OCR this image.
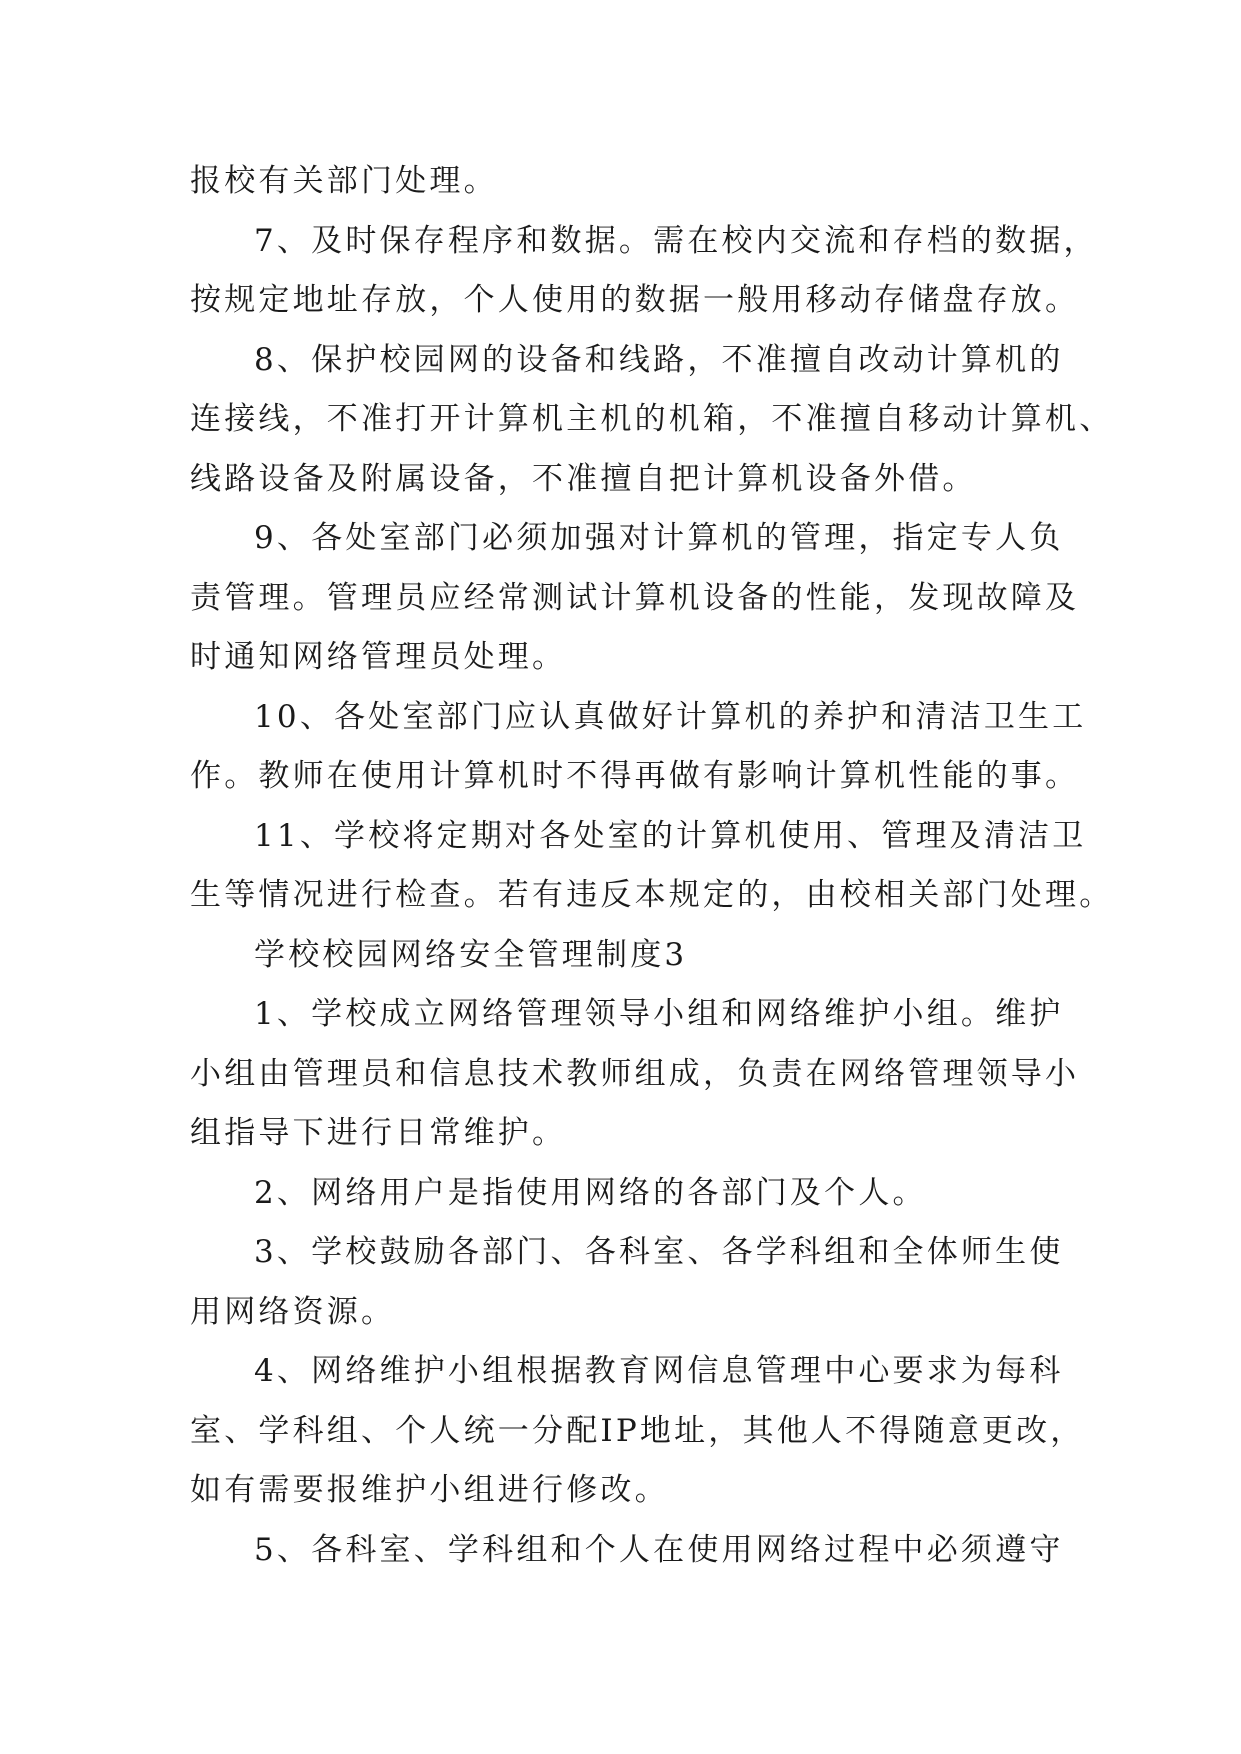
报校有关部门处理。
7、及时保存程序和数据。需在校内交流和存档的数据，
按规定地址存放，个人使用的数据一般用移动存储盘存放。
8、保护校园网的设备和线路，不准擅自改动计算机的
连接线，不准打开计算机主机的机箱，不准擅自移动计算机、
线路设备及附属设备，不准擅自把计算机设备外借。
9、各处室部门必须加强对计算机的管理，指定专人负
责管理。管理员应经常测试计算机设备的性能，发现故障及
时通知网络管理员处理。
10、各处室部门应认真做好计算机的养护和清洁卫生工
作。教师在使用计算机时不得再做有影响计算机性能的事。
11、学校将定期对各处室的计算机使用、管理及清洁卫
生等情况进行检查。若有违反本规定的，由校相关部门处理。
学校校园网络安全管理制度3
1、学校成立网络管理领导小组和网络维护小组。维护
小组由管理员和信息技术教师组成，负责在网络管理领导小
组指导下进行日常维护。
2、网络用户是指使用网络的各部门及个人。
3、学校鼓励各部门、各科室、各学科组和全体师生使
用网络资源。
4、网络维护小组根据教育网信息管理中心要求为每科
室、学科组、个人统一分配IP地址，其他人不得随意更改，
如有需要报维护小组进行修改。
5、各科室、学科组和个人在使用网络过程中必须遵守
